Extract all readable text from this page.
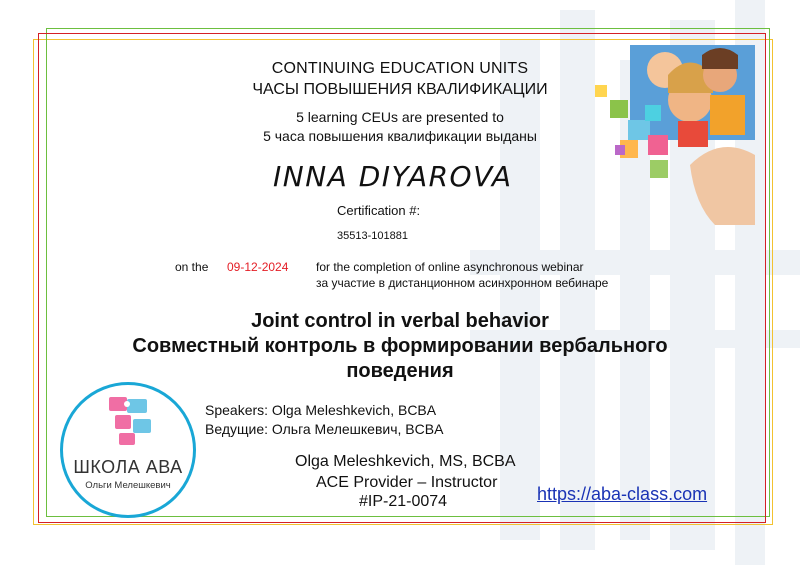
CONTINUING EDUCATION UNITS
ЧАСЫ ПОВЫШЕНИЯ КВАЛИФИКАЦИИ
5 learning CEUs are presented to
5 часа повышения квалификации выданы
INNA DIYAROVA
Certification #:
35513-101881
on the 09-12-2024 for the completion of online asynchronous webinar
за участие в дистанционном асинхронном вебинаре
Joint control in verbal behavior
Совместный контроль в формировании вербального
поведения
Speakers: Olga Meleshkevich, BCBA
Ведущие: Ольга Мелешкевич, BCBA
Olga Meleshkevich, MS, BCBA
ACE Provider – Instructor
#IP-21-0074	https://aba-class.com
ШКОЛА АВА
Ольги Мелешкевич
